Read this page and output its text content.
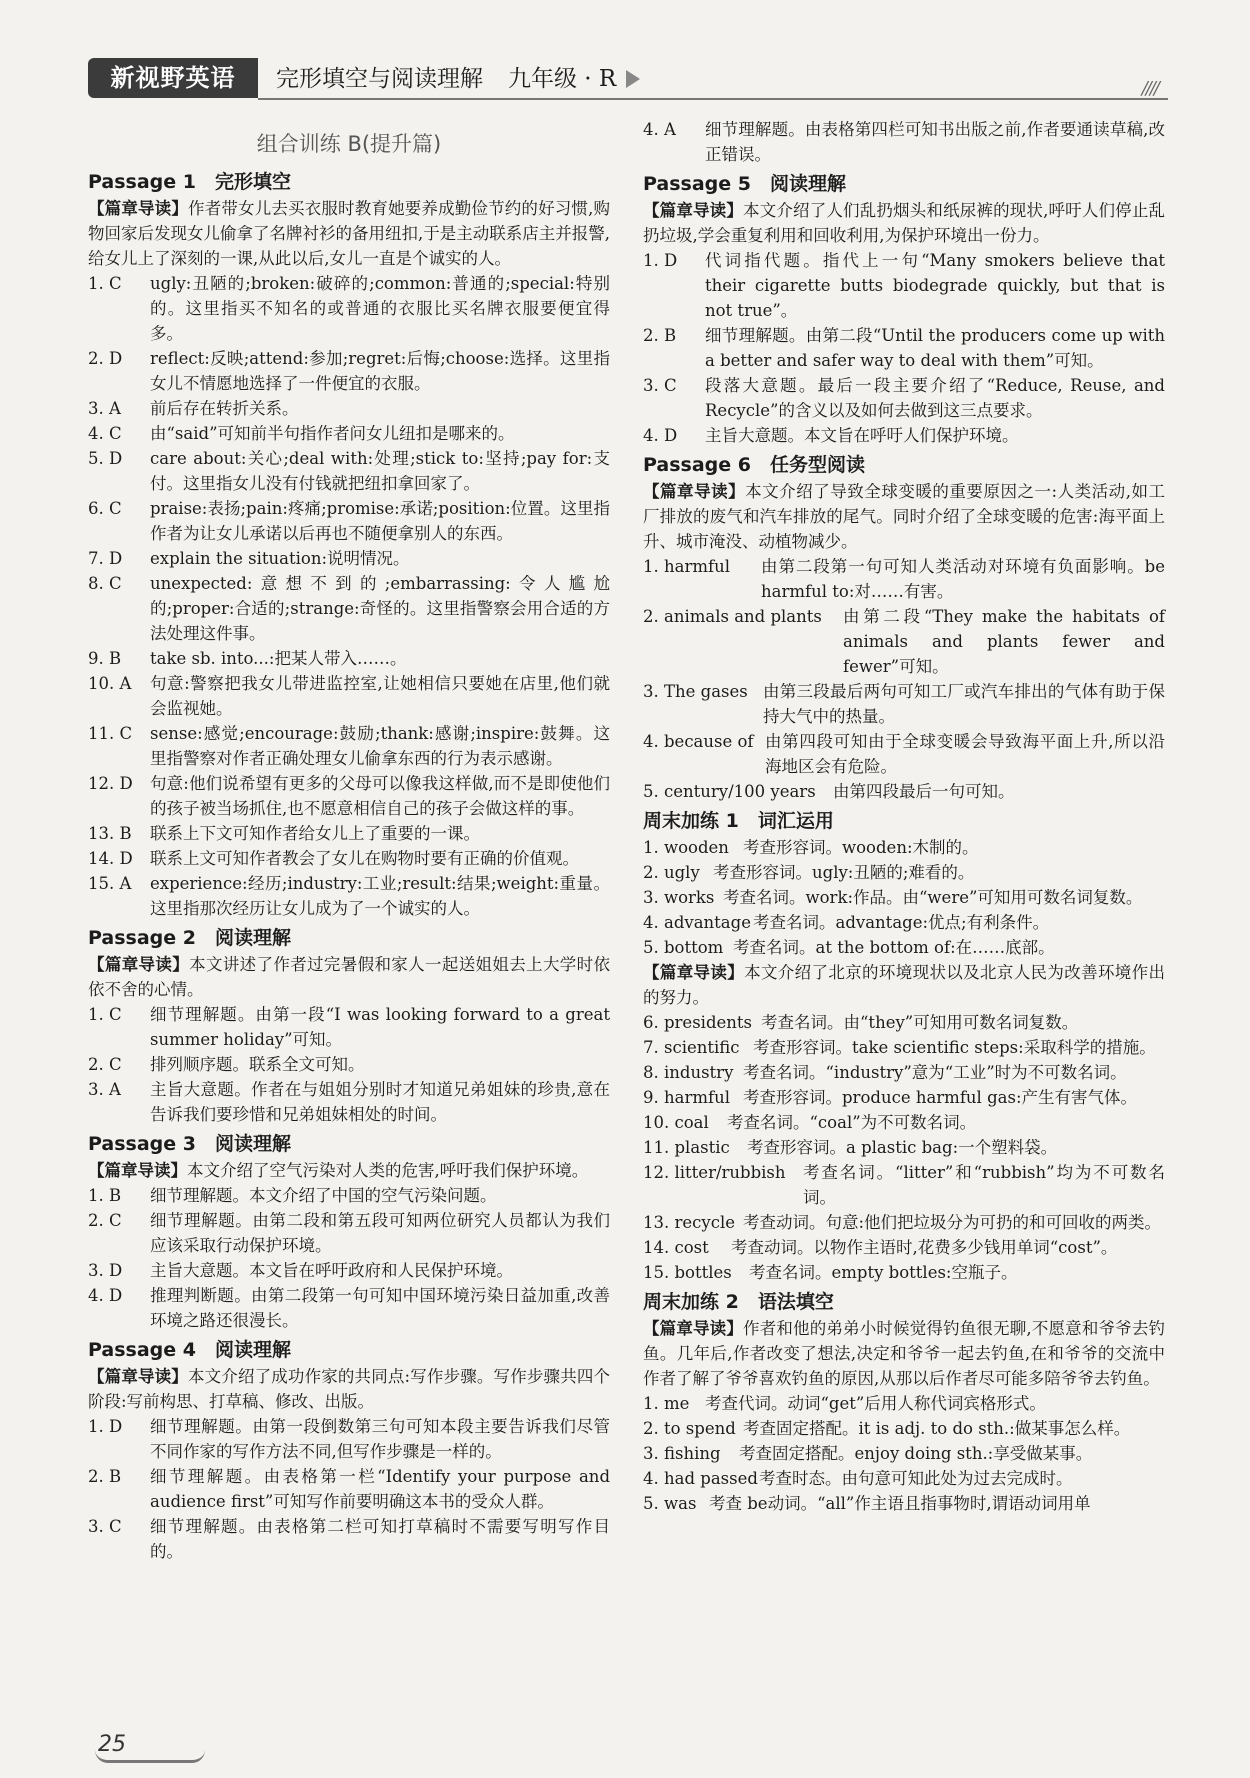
新视野英语	完形填空与阅读理解 九年级 · R	////
组合训练 B(提升篇)
Passage 1　完形填空
【篇章导读】作者带女儿去买衣服时教育她要养成勤俭节约的好习惯,购物回家后发现女儿偷拿了名牌衬衫的备用纽扣,于是主动联系店主并报警,给女儿上了深刻的一课,从此以后,女儿一直是个诚实的人。
1. C	ugly:丑陋的;broken:破碎的;common:普通的;special:特别的。这里指买不知名的或普通的衣服比买名牌衣服要便宜得多。
2. D	reflect:反映;attend:参加;regret:后悔;choose:选择。这里指女儿不情愿地选择了一件便宜的衣服。
3. A	前后存在转折关系。
4. C	由“said”可知前半句指作者问女儿纽扣是哪来的。
5. D	care about:关心;deal with:处理;stick to:坚持;pay for:支付。这里指女儿没有付钱就把纽扣拿回家了。
6. C	praise:表扬;pain:疼痛;promise:承诺;position:位置。这里指作者为让女儿承诺以后再也不随便拿别人的东西。
7. D	explain the situation:说明情况。
8. C	unexpected:意想不到的;embarrassing:令人尴尬的;proper:合适的;strange:奇怪的。这里指警察会用合适的方法处理这件事。
9. B	take sb. into...:把某人带入……。
10. A	句意:警察把我女儿带进监控室,让她相信只要她在店里,他们就会监视她。
11. C	sense:感觉;encourage:鼓励;thank:感谢;inspire:鼓舞。这里指警察对作者正确处理女儿偷拿东西的行为表示感谢。
12. D	句意:他们说希望有更多的父母可以像我这样做,而不是即使他们的孩子被当场抓住,也不愿意相信自己的孩子会做这样的事。
13. B	联系上下文可知作者给女儿上了重要的一课。
14. D	联系上文可知作者教会了女儿在购物时要有正确的价值观。
15. A	experience:经历;industry:工业;result:结果;weight:重量。这里指那次经历让女儿成为了一个诚实的人。
Passage 2　阅读理解
【篇章导读】本文讲述了作者过完暑假和家人一起送姐姐去上大学时依依不舍的心情。
1. C	细节理解题。由第一段“I was looking forward to a great summer holiday”可知。
2. C	排列顺序题。联系全文可知。
3. A	主旨大意题。作者在与姐姐分别时才知道兄弟姐妹的珍贵,意在告诉我们要珍惜和兄弟姐妹相处的时间。
Passage 3　阅读理解
【篇章导读】本文介绍了空气污染对人类的危害,呼吁我们保护环境。
1. B	细节理解题。本文介绍了中国的空气污染问题。
2. C	细节理解题。由第二段和第五段可知两位研究人员都认为我们应该采取行动保护环境。
3. D	主旨大意题。本文旨在呼吁政府和人民保护环境。
4. D	推理判断题。由第二段第一句可知中国环境污染日益加重,改善环境之路还很漫长。
Passage 4　阅读理解
【篇章导读】本文介绍了成功作家的共同点:写作步骤。写作步骤共四个阶段:写前构思、打草稿、修改、出版。
1. D	细节理解题。由第一段倒数第三句可知本段主要告诉我们尽管不同作家的写作方法不同,但写作步骤是一样的。
2. B	细节理解题。由表格第一栏“Identify your purpose and audience first”可知写作前要明确这本书的受众人群。
3. C	细节理解题。由表格第二栏可知打草稿时不需要写明写作目的。
4. A	细节理解题。由表格第四栏可知书出版之前,作者要通读草稿,改正错误。
Passage 5　阅读理解
【篇章导读】本文介绍了人们乱扔烟头和纸尿裤的现状,呼吁人们停止乱扔垃圾,学会重复利用和回收利用,为保护环境出一份力。
1. D	代词指代题。指代上一句“Many smokers believe that their cigarette butts biodegrade quickly, but that is not true”。
2. B	细节理解题。由第二段“Until the producers come up with a better and safer way to deal with them”可知。
3. C	段落大意题。最后一段主要介绍了“Reduce, Reuse, and Recycle”的含义以及如何去做到这三点要求。
4. D	主旨大意题。本文旨在呼吁人们保护环境。
Passage 6　任务型阅读
【篇章导读】本文介绍了导致全球变暖的重要原因之一:人类活动,如工厂排放的废气和汽车排放的尾气。同时介绍了全球变暖的危害:海平面上升、城市淹没、动植物减少。
1. harmful	由第二段第一句可知人类活动对环境有负面影响。be harmful to:对……有害。
2. animals and plants	由第二段“They make the habitats of animals and plants fewer and fewer”可知。
3. The gases 由第三段最后两句可知工厂或汽车排出的气体有助于保持大气中的热量。
4. because of 由第四段可知由于全球变暖会导致海平面上升,所以沿海地区会有危险。
5. century/100 years	由第四段最后一句可知。
周末加练 1　词汇运用
1. wooden 考查形容词。wooden:木制的。
2. ugly 考查形容词。ugly:丑陋的;难看的。
3. works 考查名词。work:作品。由“were”可知用可数名词复数。
4. advantage 考查名词。advantage:优点;有利条件。
5. bottom 考查名词。at the bottom of:在……底部。
【篇章导读】本文介绍了北京的环境现状以及北京人民为改善环境作出的努力。
6. presidents 考查名词。由“they”可知用可数名词复数。
7. scientific 考查形容词。take scientific steps:采取科学的措施。
8. industry 考查名词。“industry”意为“工业”时为不可数名词。
9. harmful 考查形容词。produce harmful gas:产生有害气体。
10. coal	考查名词。“coal”为不可数名词。
11. plastic	考查形容词。a plastic bag:一个塑料袋。
12. litter/rubbish	考查名词。“litter”和“rubbish”均为不可数名词。
13. recycle 考查动词。句意:他们把垃圾分为可扔的和可回收的两类。
14. cost	考查动词。以物作主语时,花费多少钱用单词“cost”。
15. bottles	考查名词。empty bottles:空瓶子。
周末加练 2　语法填空
【篇章导读】作者和他的弟弟小时候觉得钓鱼很无聊,不愿意和爷爷去钓鱼。几年后,作者改变了想法,决定和爷爷一起去钓鱼,在和爷爷的交流中作者了解了爷爷喜欢钓鱼的原因,从那以后作者尽可能多陪爷爷去钓鱼。
1. me 考查代词。动词“get”后用人称代词宾格形式。
2. to spend 考查固定搭配。it is adj. to do sth.:做某事怎么样。
3. fishing	考查固定搭配。enjoy doing sth.:享受做某事。
4. had passed 考查时态。由句意可知此处为过去完成时。
5. was 考查 be动词。“all”作主语且指事物时,谓语动词用单
25
